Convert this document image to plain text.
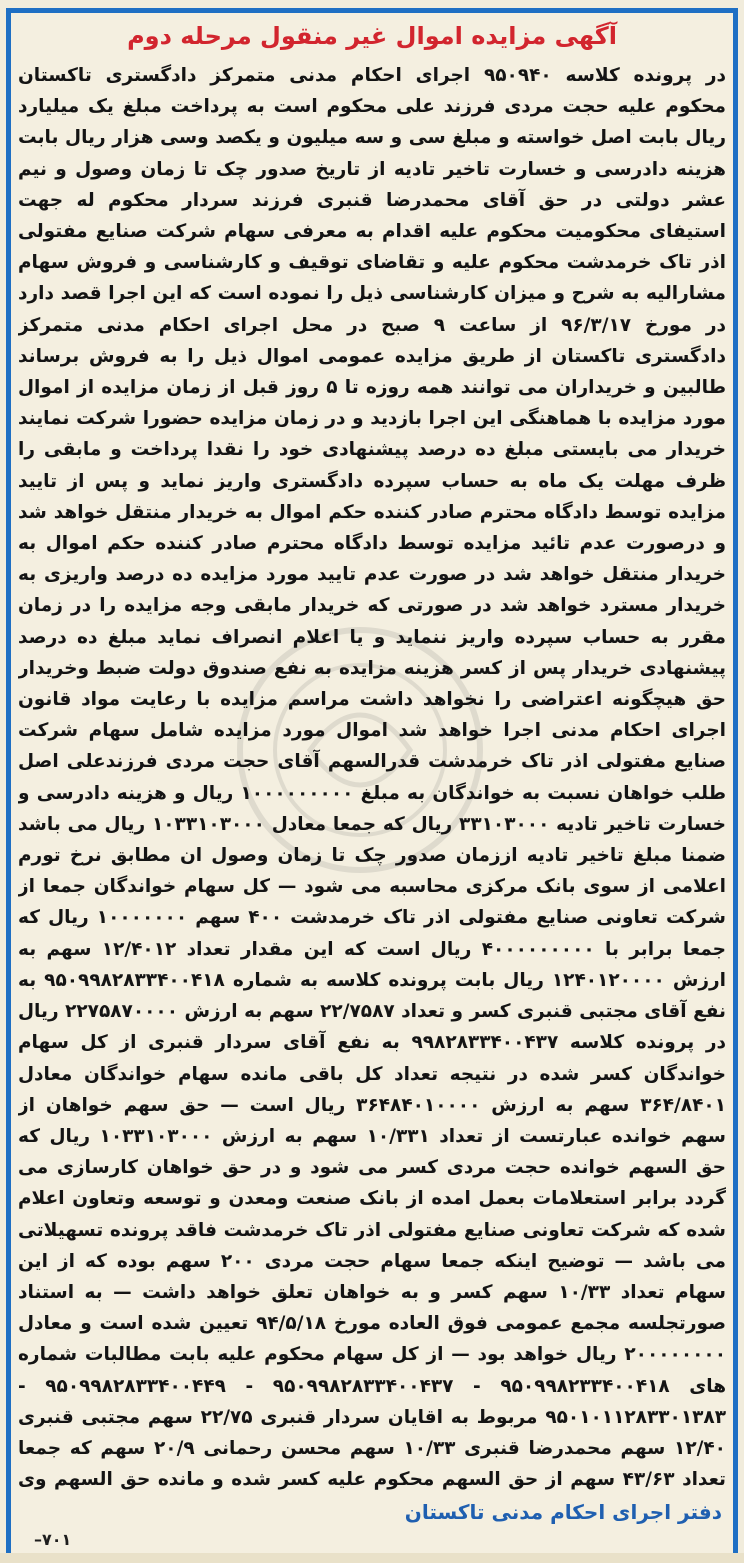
آگهی مزایده اموال غیر منقول مرحله دوم
در پرونده کلاسه ۹۵۰۹۴۰ اجرای احکام مدنی متمرکز دادگستری تاکستان محکوم علیه حجت مردی فرزند علی محکوم است به پرداخت مبلغ یک میلیارد ریال بابت اصل خواسته و مبلغ سی و سه میلیون و یکصد وسی هزار ریال بابت هزینه دادرسی و خسارت تاخیر تادیه از تاریخ صدور چک تا زمان وصول و نیم عشر دولتی در حق آقای محمدرضا قنبری فرزند سردار محکوم له جهت استیفای محکومیت محکوم علیه اقدام به معرفی سهام شرکت صنایع مفتولی اذر تاک خرمدشت محکوم علیه و تقاضای توقیف و کارشناسی و فروش سهام مشارالیه به شرح و میزان کارشناسی ذیل را نموده است که این اجرا قصد دارد در مورخ ۹۶/۳/۱۷ از ساعت ۹ صبح در محل اجرای احکام مدنی متمرکز دادگستری تاکستان از طریق مزایده عمومی اموال ذیل را به فروش برساند طالبین و خریداران می توانند همه روزه تا ۵ روز قبل از زمان مزایده از اموال مورد مزایده با هماهنگی این اجرا بازدید و در زمان مزایده حضورا شرکت نمایند خریدار می بایستی مبلغ ده درصد پیشنهادی خود را نقدا پرداخت و مابقی را ظرف مهلت یک ماه به حساب سپرده دادگستری واریز نماید و پس از تایید مزایده توسط دادگاه محترم صادر کننده حکم اموال به خریدار منتقل خواهد شد و درصورت عدم تائید مزایده توسط دادگاه محترم صادر کننده حکم اموال به خریدار منتقل خواهد شد در صورت عدم تایید مورد مزایده ده درصد واریزی به خریدار مسترد خواهد شد در صورتی که خریدار مابقی وجه مزایده را در زمان مقرر به حساب سپرده واریز ننماید و یا اعلام انصراف نماید مبلغ ده درصد پیشنهادی خریدار پس از کسر هزینه مزایده به نفع صندوق دولت ضبط وخریدار حق هیچگونه اعتراضی را نخواهد داشت مراسم مزایده با رعایت مواد قانون اجرای احکام مدنی اجرا خواهد شد اموال مورد مزایده شامل سهام شرکت صنایع مفتولی اذر تاک خرمدشت قدرالسهم آقای حجت مردی فرزندعلی اصل طلب خواهان نسبت به خواندگان به مبلغ ۱۰۰۰۰۰۰۰۰۰ ریال و هزینه دادرسی و خسارت تاخیر تادیه ۳۳۱۰۳۰۰۰ ریال که جمعا معادل ۱۰۳۳۱۰۳۰۰۰ ریال می باشد ضمنا مبلغ تاخیر تادیه اززمان صدور چک تا زمان وصول ان مطابق نرخ تورم اعلامی از سوی بانک مرکزی محاسبه می شود — کل سهام خواندگان جمعا از شرکت تعاونی صنایع مفتولی اذر تاک خرمدشت ۴۰۰ سهم ۱۰۰۰۰۰۰۰ ریال که جمعا برابر با ۴۰۰۰۰۰۰۰۰۰ ریال است که این مقدار تعداد ۱۲/۴۰۱۲ سهم به ارزش ۱۲۴۰۱۲۰۰۰۰ ریال بابت پرونده کلاسه به شماره ۹۵۰۹۹۸۲۸۳۳۴۰۰۴۱۸ به نفع آقای مجتبی قنبری کسر و تعداد ۲۲/۷۵۸۷ سهم به ارزش ۲۲۷۵۸۷۰۰۰۰ ریال در پرونده کلاسه ۹۹۸۲۸۳۳۴۰۰۴۳۷ به نفع آقای سردار قنبری از کل سهام خواندگان کسر شده در نتیجه تعداد کل باقی مانده سهام خواندگان معادل ۳۶۴/۸۴۰۱ سهم به ارزش ۳۶۴۸۴۰۱۰۰۰۰ ریال است — حق سهم خواهان از سهم خوانده عبارتست از تعداد ۱۰/۳۳۱ سهم به ارزش ۱۰۳۳۱۰۳۰۰۰ ریال که حق السهم خوانده حجت مردی کسر می شود و در حق خواهان کارسازی می گردد برابر استعلامات بعمل امده از بانک صنعت ومعدن و توسعه وتعاون اعلام شده که شرکت تعاونی صنایع مفتولی اذر تاک خرمدشت فاقد پرونده تسهیلاتی می باشد — توضیح اینکه جمعا سهام حجت مردی ۲۰۰ سهم بوده که از این سهام تعداد ۱۰/۳۳ سهم کسر و به خواهان تعلق خواهد داشت — به استناد صورتجلسه مجمع عمومی فوق العاده مورخ ۹۴/۵/۱۸ تعیین شده است و معادل ۲۰۰۰۰۰۰۰۰ ریال خواهد بود — از کل سهام محکوم علیه بابت مطالبات شماره های ۹۵۰۹۹۸۲۳۳۴۰۰۴۱۸ - ۹۵۰۹۹۸۲۸۳۳۴۰۰۴۳۷ - ۹۵۰۹۹۸۲۸۳۳۴۰۰۴۴۹ - ۹۵۰۱۰۱۱۲۸۳۳۰۱۳۸۳ مربوط به اقایان سردار قنبری ۲۲/۷۵ سهم مجتبی قنبری ۱۲/۴۰ سهم محمدرضا قنبری ۱۰/۳۳ سهم محسن رحمانی ۲۰/۹ سهم که جمعا تعداد ۴۳/۶۳ سهم از حق السهم محکوم علیه کسر شده و مانده حق السهم وی
دفتر اجرای احکام مدنی تاکستان
۷۰۱–
